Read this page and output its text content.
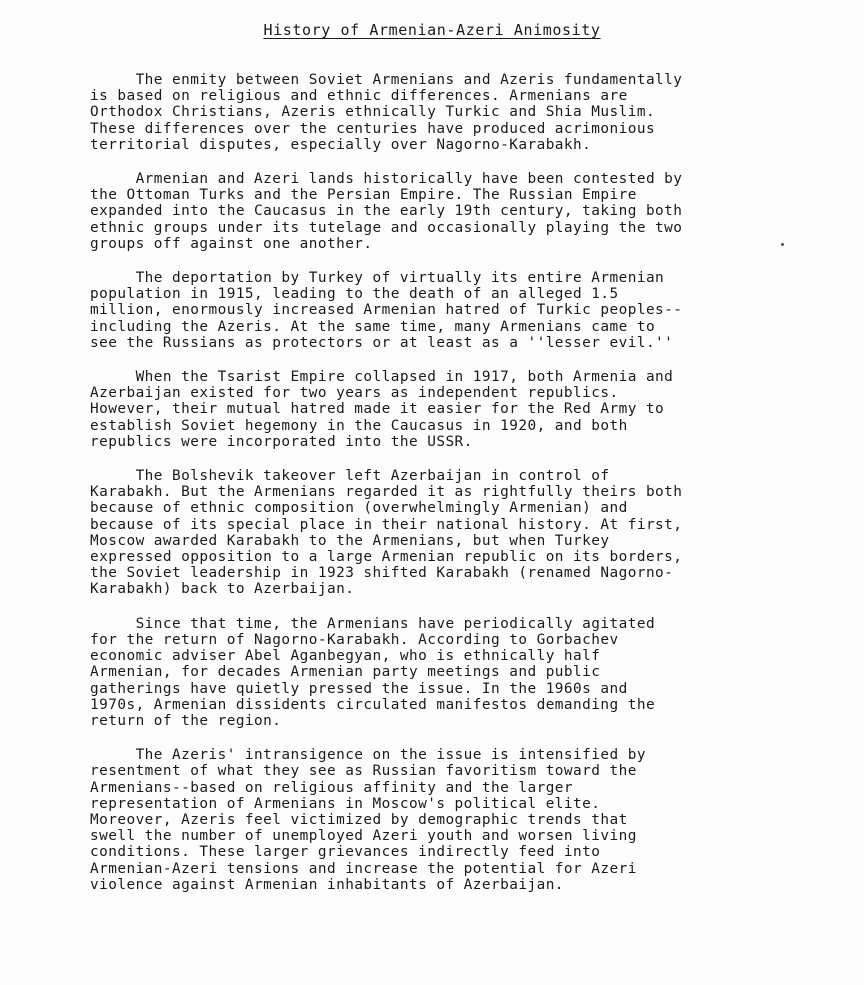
History of Armenian-Azeri Animosity
The enmity between Soviet Armenians and Azeris fundamentally
is based on religious and ethnic differences. Armenians are
Orthodox Christians, Azeris ethnically Turkic and Shia Muslim.
These differences over the centuries have produced acrimonious
territorial disputes, especially over Nagorno-Karabakh.
Armenian and Azeri lands historically have been contested by
the Ottoman Turks and the Persian Empire. The Russian Empire
expanded into the Caucasus in the early 19th century, taking both
ethnic groups under its tutelage and occasionally playing the two
groups off against one another.
The deportation by Turkey of virtually its entire Armenian
population in 1915, leading to the death of an alleged 1.5
million, enormously increased Armenian hatred of Turkic peoples--
including the Azeris. At the same time, many Armenians came to
see the Russians as protectors or at least as a ''lesser evil.''
When the Tsarist Empire collapsed in 1917, both Armenia and
Azerbaijan existed for two years as independent republics.
However, their mutual hatred made it easier for the Red Army to
establish Soviet hegemony in the Caucasus in 1920, and both
republics were incorporated into the USSR.
The Bolshevik takeover left Azerbaijan in control of
Karabakh. But the Armenians regarded it as rightfully theirs both
because of ethnic composition (overwhelmingly Armenian) and
because of its special place in their national history. At first,
Moscow awarded Karabakh to the Armenians, but when Turkey
expressed opposition to a large Armenian republic on its borders,
the Soviet leadership in 1923 shifted Karabakh (renamed Nagorno-
Karabakh) back to Azerbaijan.
Since that time, the Armenians have periodically agitated
for the return of Nagorno-Karabakh. According to Gorbachev
economic adviser Abel Aganbegyan, who is ethnically half
Armenian, for decades Armenian party meetings and public
gatherings have quietly pressed the issue. In the 1960s and
1970s, Armenian dissidents circulated manifestos demanding the
return of the region.
The Azeris' intransigence on the issue is intensified by
resentment of what they see as Russian favoritism toward the
Armenians--based on religious affinity and the larger
representation of Armenians in Moscow's political elite.
Moreover, Azeris feel victimized by demographic trends that
swell the number of unemployed Azeri youth and worsen living
conditions. These larger grievances indirectly feed into
Armenian-Azeri tensions and increase the potential for Azeri
violence against Armenian inhabitants of Azerbaijan.
